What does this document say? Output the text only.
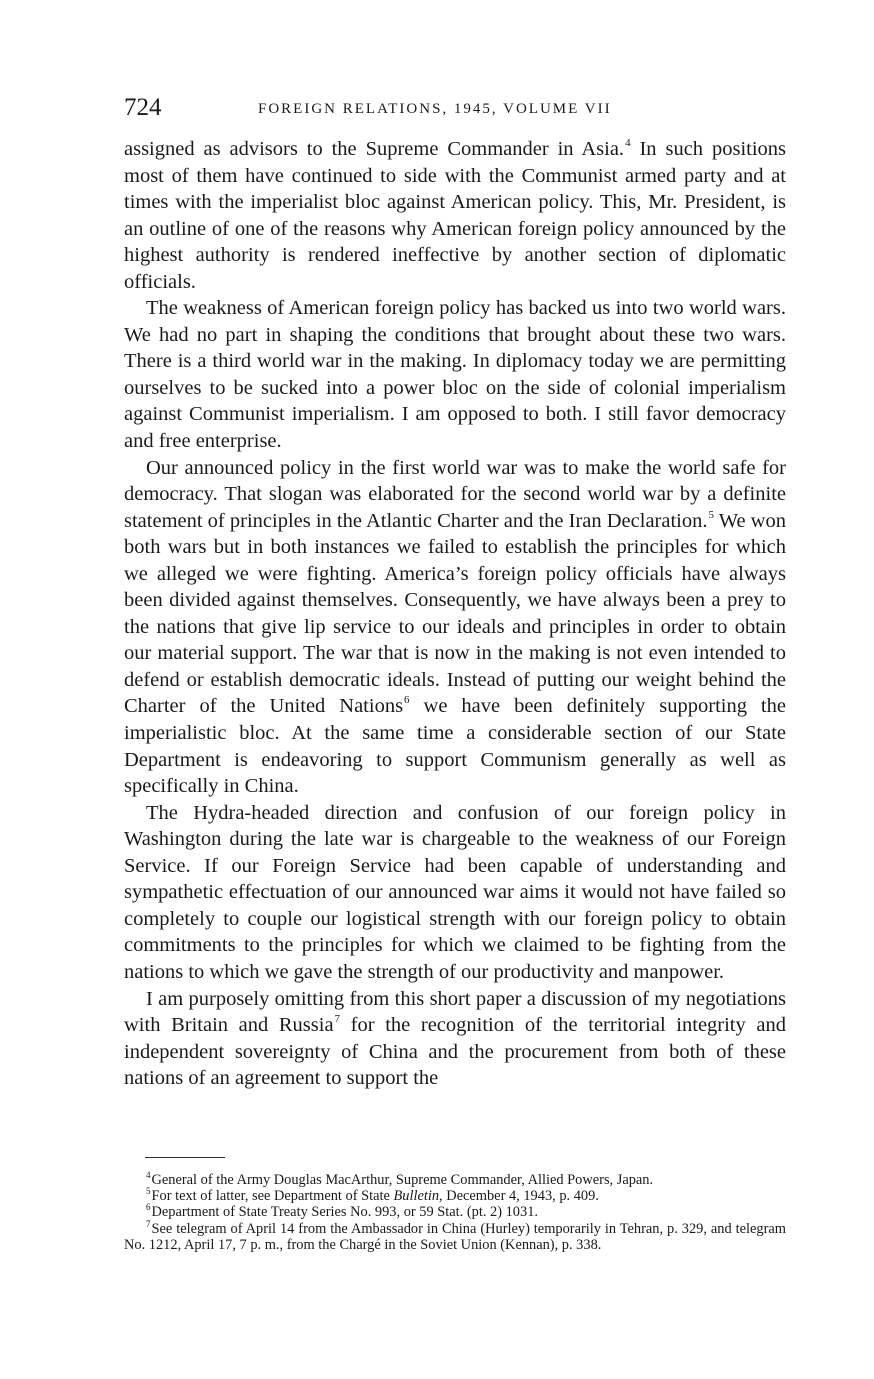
724	FOREIGN RELATIONS, 1945, VOLUME VII

assigned as advisors to the Supreme Commander in Asia.$^4$ In such positions most of them have continued to side with the Communist armed party and at times with the imperialist bloc against American policy. This, Mr. President, is an outline of one of the reasons why American foreign policy announced by the highest authority is rendered ineffective by another section of diplomatic officials.

The weakness of American foreign policy has backed us into two world wars. We had no part in shaping the conditions that brought about these two wars. There is a third world war in the making. In diplomacy today we are permitting ourselves to be sucked into a power bloc on the side of colonial imperialism against Communist imperialism. I am opposed to both. I still favor democracy and free enterprise.

Our announced policy in the first world war was to make the world safe for democracy. That slogan was elaborated for the second world war by a definite statement of principles in the Atlantic Charter and the Iran Declaration.$^5$ We won both wars but in both instances we failed to establish the principles for which we alleged we were fighting. America’s foreign policy officials have always been divided against themselves. Consequently, we have always been a prey to the nations that give lip service to our ideals and principles in order to obtain our material support. The war that is now in the making is not even intended to defend or establish democratic ideals. Instead of putting our weight behind the Charter of the United Nations$^6$ we have been definitely supporting the imperialistic bloc. At the same time a considerable section of our State Department is endeavoring to support Communism generally as well as specifically in China.

The Hydra-headed direction and confusion of our foreign policy in Washington during the late war is chargeable to the weakness of our Foreign Service. If our Foreign Service had been capable of understanding and sympathetic effectuation of our announced war aims it would not have failed so completely to couple our logistical strength with our foreign policy to obtain commitments to the principles for which we claimed to be fighting from the nations to which we gave the strength of our productivity and manpower.

I am purposely omitting from this short paper a discussion of my negotiations with Britain and Russia$^7$ for the recognition of the territorial integrity and independent sovereignty of China and the procurement from both of these nations of an agreement to support the

$^4$General of the Army Douglas MacArthur, Supreme Commander, Allied Powers, Japan.

$^5$For text of latter, see Department of State Bulletin, December 4, 1943, p. 409.

$^6$Department of State Treaty Series No. 993, or 59 Stat. (pt. 2) 1031.

$^7$See telegram of April 14 from the Ambassador in China (Hurley) temporarily in Tehran, p. 329, and telegram No. 1212, April 17, 7 p. m., from the Chargé in the Soviet Union (Kennan), p. 338.
